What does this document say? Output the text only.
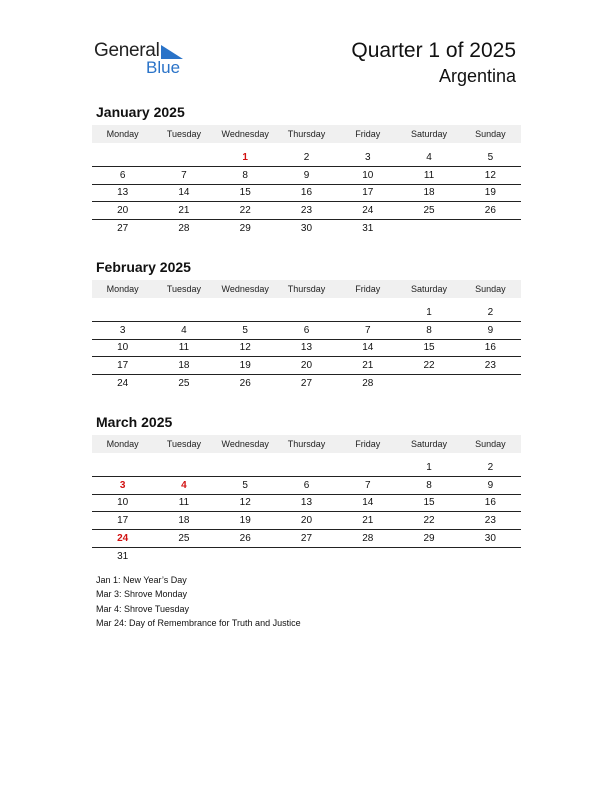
General
Blue
Quarter 1 of 2025
Argentina
January 2025
Monday	Tuesday	Wednesday	Thursday	Friday	Saturday	Sunday

		1	2	3	4	5
6	7	8	9	10	11	12
13	14	15	16	17	18	19
20	21	22	23	24	25	26
27	28	29	30	31		
February 2025
Monday	Tuesday	Wednesday	Thursday	Friday	Saturday	Sunday

					1	2
3	4	5	6	7	8	9
10	11	12	13	14	15	16
17	18	19	20	21	22	23
24	25	26	27	28		
March 2025
Monday	Tuesday	Wednesday	Thursday	Friday	Saturday	Sunday

					1	2
3	4	5	6	7	8	9
10	11	12	13	14	15	16
17	18	19	20	21	22	23
24	25	26	27	28	29	30
31						
Jan 1: New Year’s Day
Mar 3: Shrove Monday
Mar 4: Shrove Tuesday
Mar 24: Day of Remembrance for Truth and Justice
